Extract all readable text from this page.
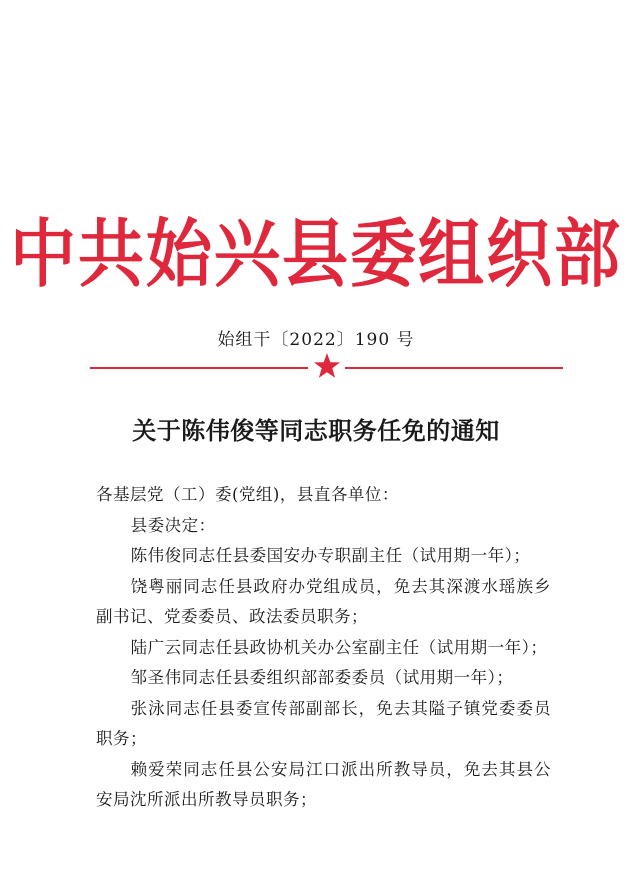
中共始兴县委组织部
始组干〔2022〕190 号
关于陈伟俊等同志职务任免的通知

各基层党（工）委(党组)，县直各单位：

县委决定：

陈伟俊同志任县委国安办专职副主任（试用期一年）；

饶粤丽同志任县政府办党组成员，免去其深渡水瑶族乡副书记、党委委员、政法委员职务；

陆广云同志任县政协机关办公室副主任（试用期一年）；

邹圣伟同志任县委组织部部委委员（试用期一年）；

张泳同志任县委宣传部副部长，免去其隘子镇党委委员职务；

赖爱荣同志任县公安局江口派出所教导员，免去其县公安局沈所派出所教导员职务；
